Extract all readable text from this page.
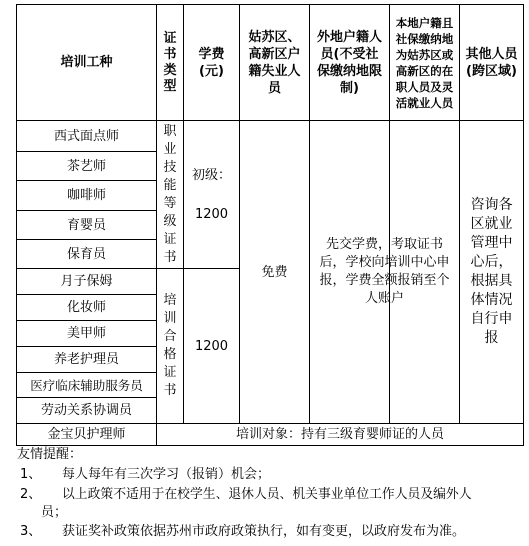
培训工种
证书类型
学费(元)
姑苏区、高新区户籍失业人员
外地户籍人员(不受社保缴纳地限制)
本地户籍且社保缴纳地为姑苏区或高新区的在职人员及灵活就业人员
其他人员(跨区域)
西式面点师
茶艺师
咖啡师
育婴员
保育员
职业技能等级证书
初级：
1200
月子保姆
化妆师
美甲师
养老护理员
医疗临床辅助服务员
劳动关系协调员
培训合格证书
1200
免费
先交学费，考取证书后，学校向培训中心申报，学费全额报销至个人账户
咨询各区就业管理中心后，根据具体情况自行申报
金宝贝护理师	培训对象：持有三级育婴师证的人员
友情提醒：
1、 每人每年有三次学习（报销）机会；
2、 以上政策不适用于在校学生、退休人员、机关事业单位工作人员及编外人
员；
3、 获证奖补政策依据苏州市政府政策执行，如有变更，以政府发布为准。
